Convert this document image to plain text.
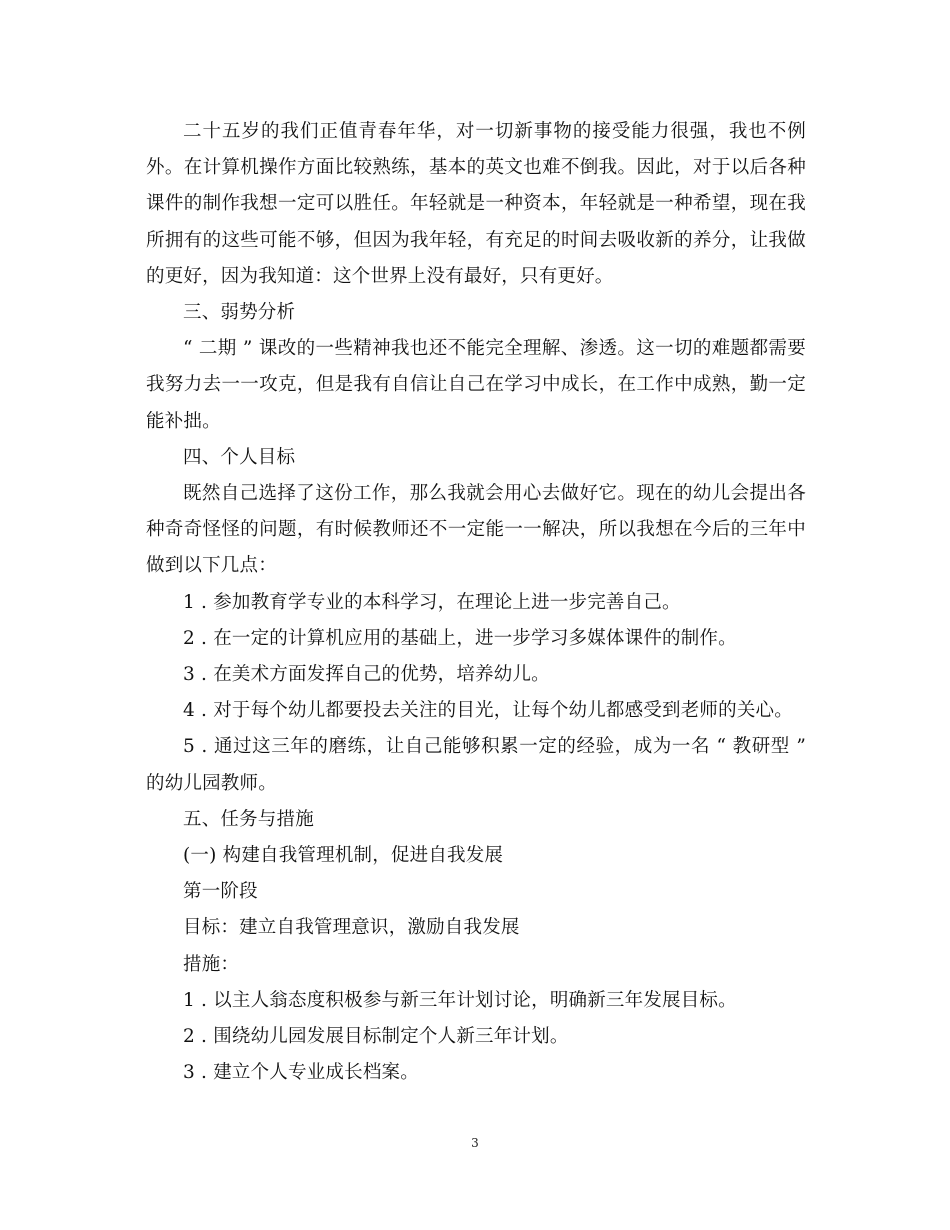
二十五岁的我们正值青春年华，对一切新事物的接受能力很强，我也不例外。在计算机操作方面比较熟练，基本的英文也难不倒我。因此，对于以后各种课件的制作我想一定可以胜任。年轻就是一种资本，年轻就是一种希望，现在我所拥有的这些可能不够，但因为我年轻，有充足的时间去吸收新的养分，让我做的更好，因为我知道：这个世界上没有最好，只有更好。

三、弱势分析

“ 二期 ” 课改的一些精神我也还不能完全理解、渗透。这一切的难题都需要我努力去一一攻克，但是我有自信让自己在学习中成长，在工作中成熟，勤一定能补拙。

四、个人目标

既然自己选择了这份工作，那么我就会用心去做好它。现在的幼儿会提出各种奇奇怪怪的问题，有时候教师还不一定能一一解决，所以我想在今后的三年中做到以下几点：

1 . 参加教育学专业的本科学习，在理论上进一步完善自己。

2 . 在一定的计算机应用的基础上，进一步学习多媒体课件的制作。

3 . 在美术方面发挥自己的优势，培养幼儿。

4 . 对于每个幼儿都要投去关注的目光，让每个幼儿都感受到老师的关心。

5 . 通过这三年的磨练，让自己能够积累一定的经验，成为一名 “ 教研型 ” 的幼儿园教师。

五、任务与措施

(一) 构建自我管理机制，促进自我发展

第一阶段

目标：建立自我管理意识，激励自我发展

措施：

1 . 以主人翁态度积极参与新三年计划讨论，明确新三年发展目标。

2 . 围绕幼儿园发展目标制定个人新三年计划。

3 . 建立个人专业成长档案。

3
